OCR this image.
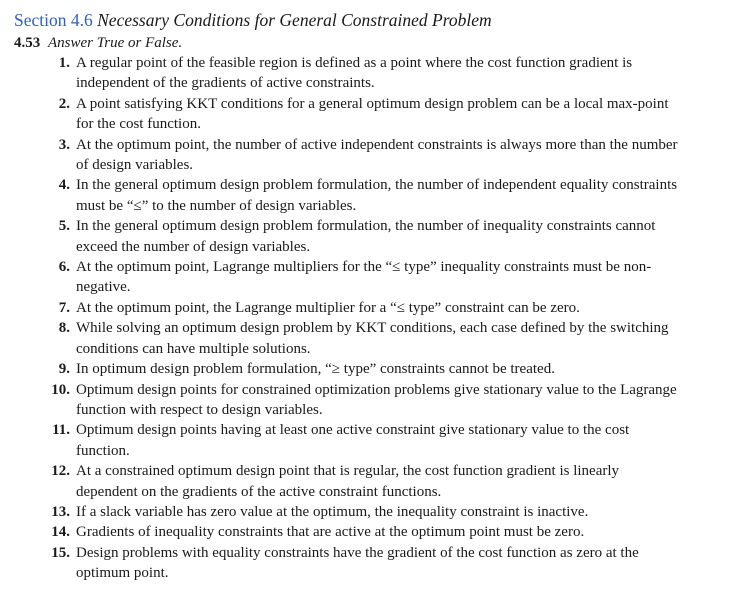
Section 4.6 Necessary Conditions for General Constrained Problem
4.53 Answer True or False.
1. A regular point of the feasible region is defined as a point where the cost function gradient is independent of the gradients of active constraints.
2. A point satisfying KKT conditions for a general optimum design problem can be a local max-point for the cost function.
3. At the optimum point, the number of active independent constraints is always more than the number of design variables.
4. In the general optimum design problem formulation, the number of independent equality constraints must be “≤” to the number of design variables.
5. In the general optimum design problem formulation, the number of inequality constraints cannot exceed the number of design variables.
6. At the optimum point, Lagrange multipliers for the “≤ type” inequality constraints must be non-negative.
7. At the optimum point, the Lagrange multiplier for a “≤ type” constraint can be zero.
8. While solving an optimum design problem by KKT conditions, each case defined by the switching conditions can have multiple solutions.
9. In optimum design problem formulation, “≥ type” constraints cannot be treated.
10. Optimum design points for constrained optimization problems give stationary value to the Lagrange function with respect to design variables.
11. Optimum design points having at least one active constraint give stationary value to the cost function.
12. At a constrained optimum design point that is regular, the cost function gradient is linearly dependent on the gradients of the active constraint functions.
13. If a slack variable has zero value at the optimum, the inequality constraint is inactive.
14. Gradients of inequality constraints that are active at the optimum point must be zero.
15. Design problems with equality constraints have the gradient of the cost function as zero at the optimum point.
